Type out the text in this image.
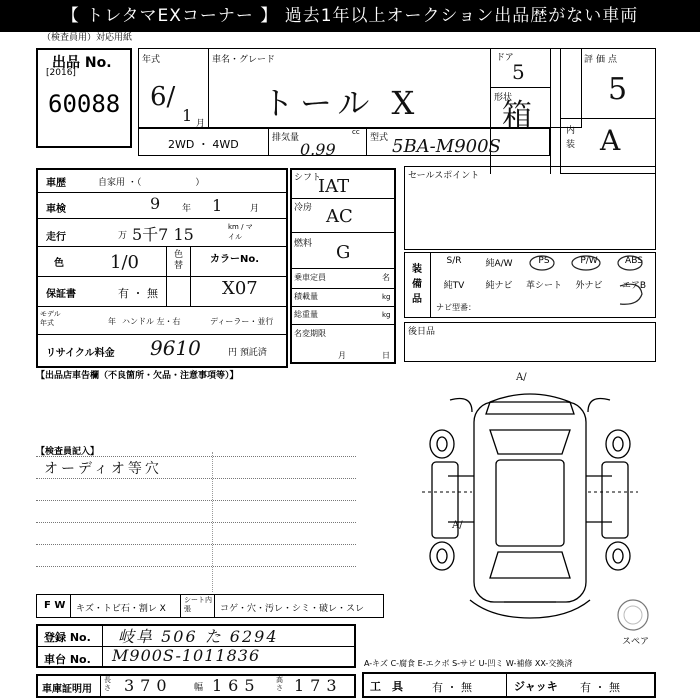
【 トレタマEXコーナー 】 過去1年以上オークション出品歴がない車両
（検査員用）対応用紙
出品 No.
[2016]
60088
年式
6/
1 月
車名・グレード
トール X
ドア
5
形状
箱
評価点
5
内装 A
2WD ・ 4WD	排気量
cc
0.99
型式 5BA-M900S
車歴	自家用 ・（　　　　　　）
車検	9 年 1	月
走行	万 5千7 15	km / マイル
色	1/0	色替
カラーNo.
X07
保証書	有 ・ 無
モデル年式	年 ハンドル 左・右	ディーラー・並行
リサイクル料金 9610	円 預託済
シフト
IAT
冷房 AC
燃料 G
乗車定員	名
積載量	kg
総重量	kg
名変期限
月	日
セールスポイント
装備品
S/R	純A/W	PS	P/W	ABS
純TV	純ナビ	革シート	外ナビ	エアB
ナビ型番：
後日品
【出品店車告欄（不良箇所・欠品・注意事項等）】
【検査員記入】
オーディオ等穴
A/
A/
スペア
F W キズ・トビ石・割レ X
シート内張	コゲ・穴・汚レ・シミ・破レ・スレ
登録 No. 岐阜 506 た 6294
車台 No. M900S-1011836
車庫証明用
長さ 370 幅 165 高さ 173
A-キズ C-腐食 E-エクボ S-サビ U-凹ミ W-補修 XX-交換済
工　具	有 ・ 無	ジャッキ 有 ・ 無
